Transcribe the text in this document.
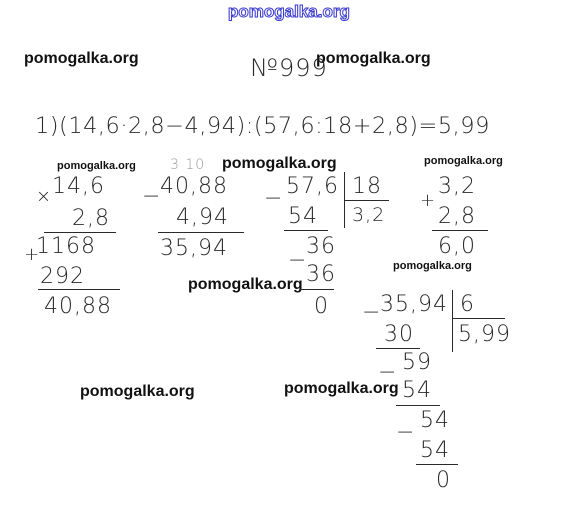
pomogalka.org
pomogalka.org	pomogalka.org
pomogalka.org	pomogalka.org	pomogalka.org
pomogalka.org
pomogalka.org
pomogalka.org	pomogalka.org
№999
1)(14,6·2,8−4,94):(57,6:18+2,8)=5,99
3 10
× 14,6
2,8
+
1168
292
40,88
−
40,88
4,94
35,94
− 57,6 18
3,2
54
−
36
36
0
+
3,2
2,8
6,0
−
35,94 6
5,99
30
− 59
54
− 54
54
0
